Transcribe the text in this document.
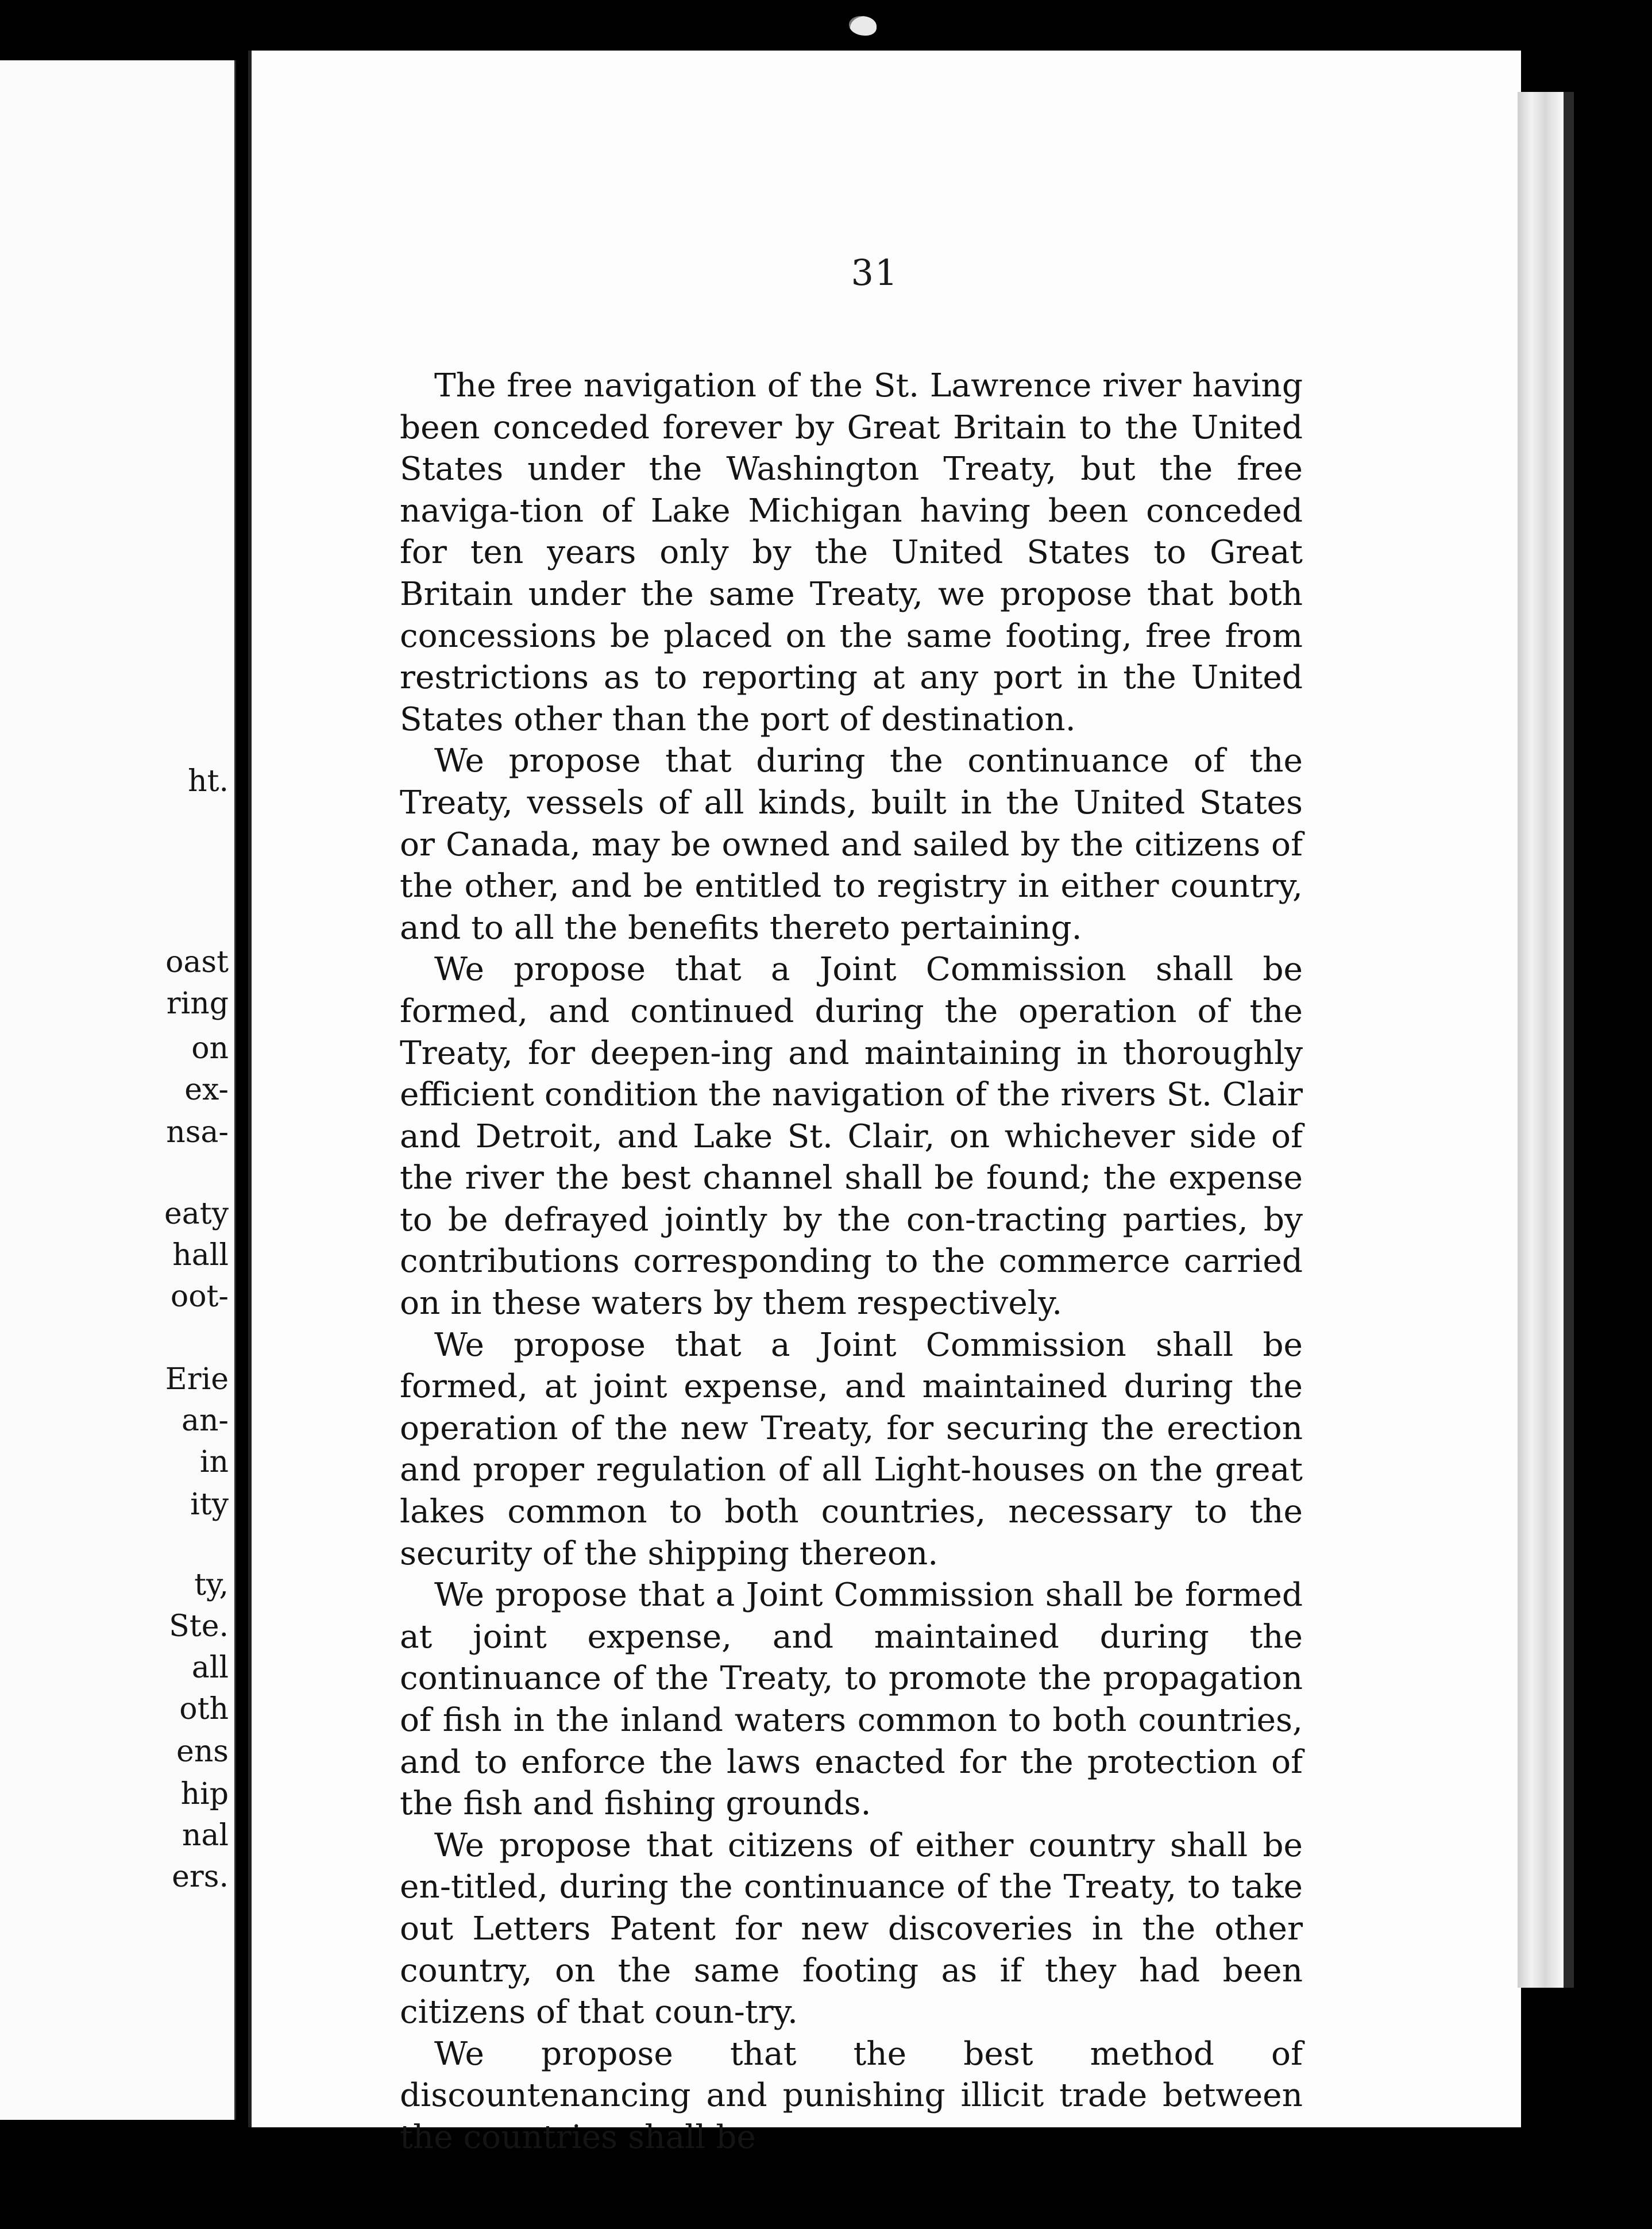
ht.
oast
ring
on
ex-
nsa-
eaty
hall
oot-
Erie
an-
in
ity
ty,
Ste.
all
oth
ens
hip
nal
ers.
31

The free navigation of the St. Lawrence river having been conceded forever by Great Britain to the United States under the Washington Treaty, but the free naviga-tion of Lake Michigan having been conceded for ten years only by the United States to Great Britain under the same Treaty, we propose that both concessions be placed on the same footing, free from restrictions as to reporting at any port in the United States other than the port of destination.

We propose that during the continuance of the Treaty, vessels of all kinds, built in the United States or Canada, may be owned and sailed by the citizens of the other, and be entitled to registry in either country, and to all the benefits thereto pertaining.

We propose that a Joint Commission shall be formed, and continued during the operation of the Treaty, for deepen-ing and maintaining in thoroughly efficient condition the navigation of the rivers St. Clair and Detroit, and Lake St. Clair, on whichever side of the river the best channel shall be found; the expense to be defrayed jointly by the con-tracting parties, by contributions corresponding to the commerce carried on in these waters by them respectively.

We propose that a Joint Commission shall be formed, at joint expense, and maintained during the operation of the new Treaty, for securing the erection and proper regulation of all Light-houses on the great lakes common to both countries, necessary to the security of the shipping thereon.

We propose that a Joint Commission shall be formed at joint expense, and maintained during the continuance of the Treaty, to promote the propagation of fish in the inland waters common to both countries, and to enforce the laws enacted for the protection of the fish and fishing grounds.

We propose that citizens of either country shall be en-titled, during the continuance of the Treaty, to take out Letters Patent for new discoveries in the other country, on the same footing as if they had been citizens of that coun-try.

We propose that the best method of discountenancing and punishing illicit trade between the countries shall be
